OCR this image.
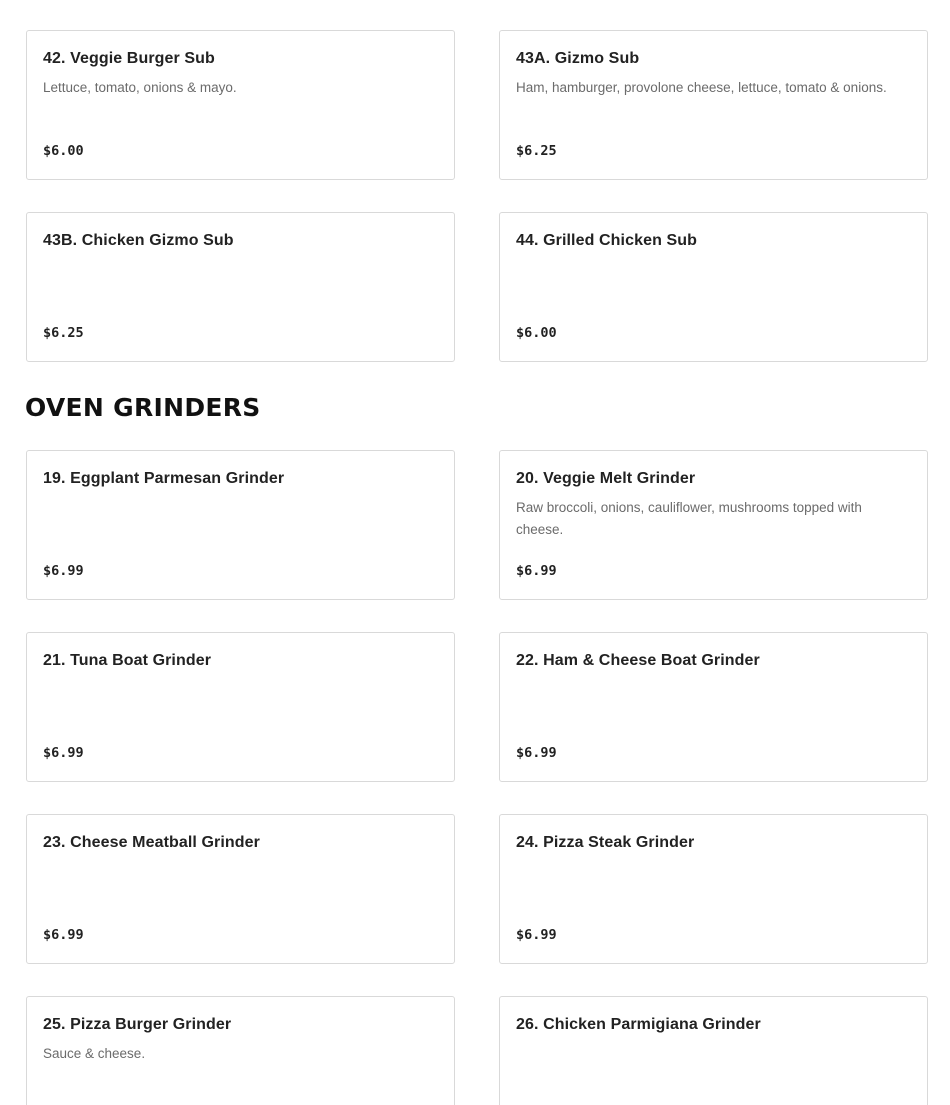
42. Veggie Burger Sub
Lettuce, tomato, onions & mayo.
$6.00
43A. Gizmo Sub
Ham, hamburger, provolone cheese, lettuce, tomato & onions.
$6.25
43B. Chicken Gizmo Sub
$6.25
44. Grilled Chicken Sub
$6.00
OVEN GRINDERS
19. Eggplant Parmesan Grinder
$6.99
20. Veggie Melt Grinder
Raw broccoli, onions, cauliflower, mushrooms topped with cheese.
$6.99
21. Tuna Boat Grinder
$6.99
22. Ham & Cheese Boat Grinder
$6.99
23. Cheese Meatball Grinder
$6.99
24. Pizza Steak Grinder
$6.99
25. Pizza Burger Grinder
Sauce & cheese.
26. Chicken Parmigiana Grinder
